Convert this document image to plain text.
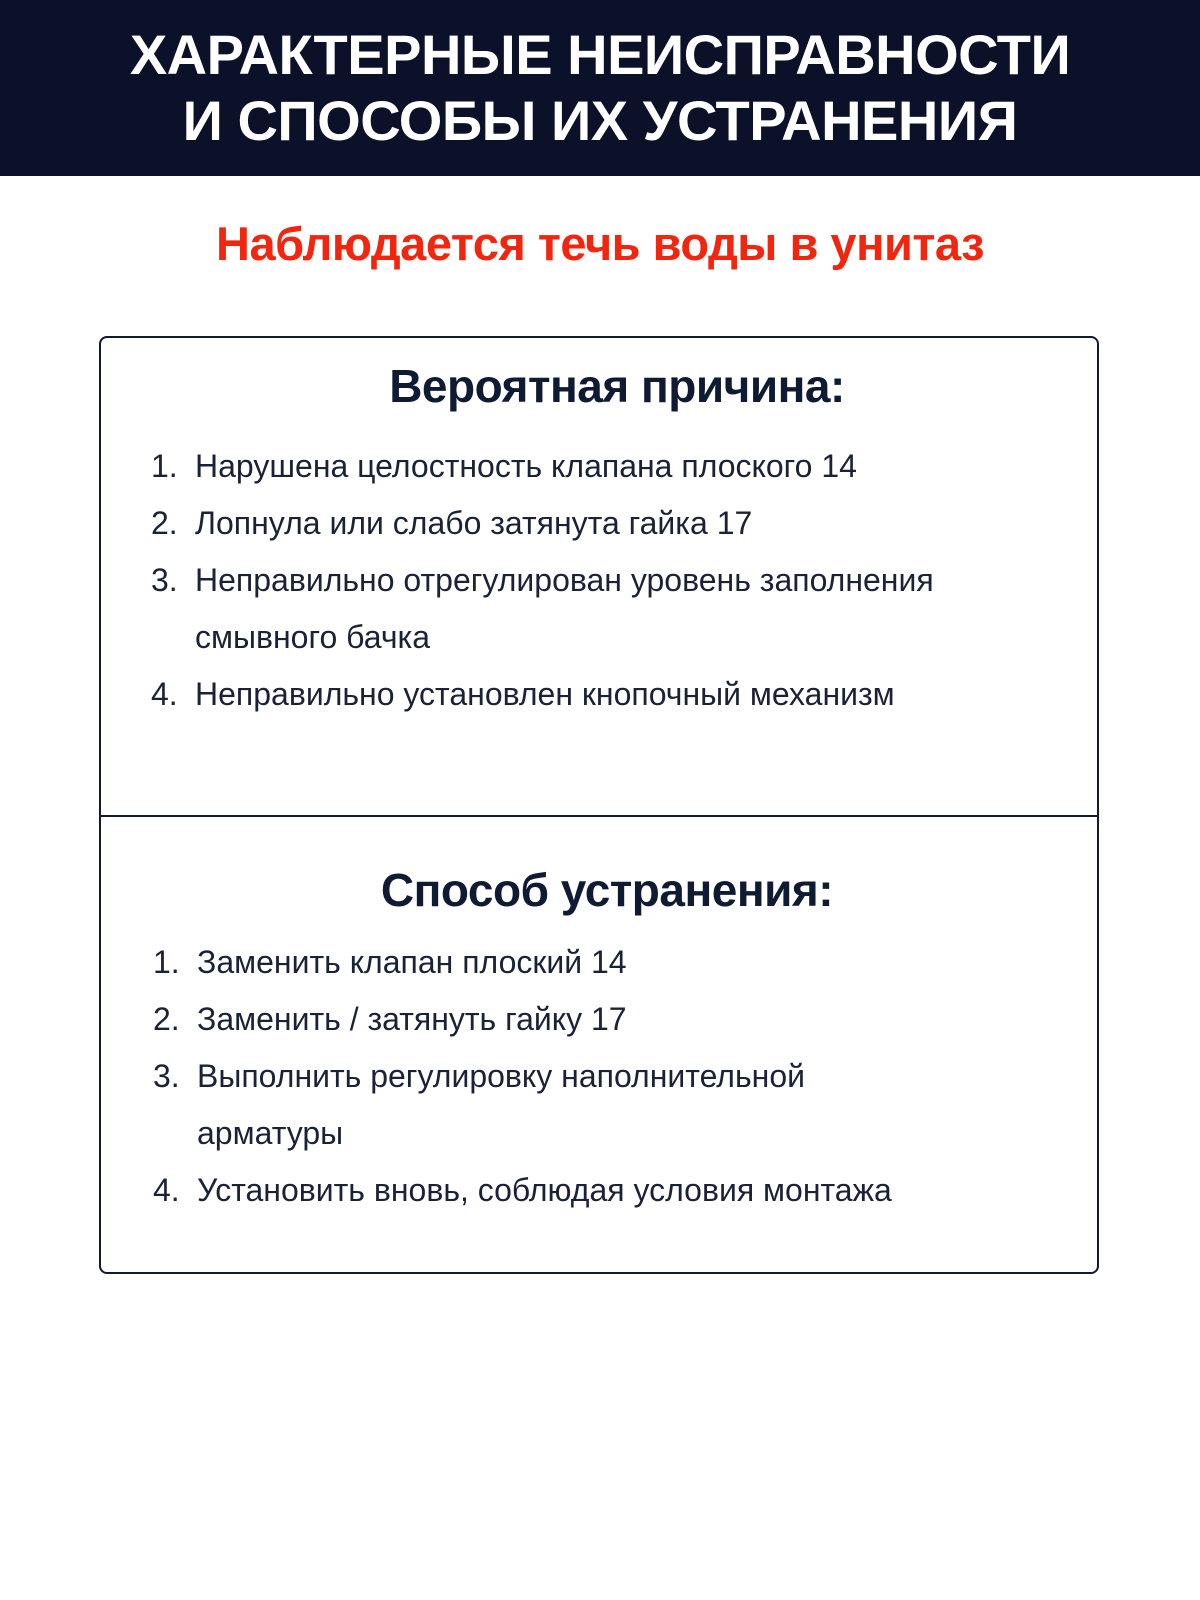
ХАРАКТЕРНЫЕ НЕИСПРАВНОСТИ
И СПОСОБЫ ИХ УСТРАНЕНИЯ
Наблюдается течь воды в унитаз
Вероятная причина:
1. Нарушена целостность клапана плоского 14
2. Лопнула или слабо затянута гайка 17
3. Неправильно отрегулирован уровень заполнения
смывного бачка
4. Неправильно установлен кнопочный механизм
Способ устранения:
1. Заменить клапан плоский 14
2. Заменить / затянуть гайку 17
3. Выполнить регулировку наполнительной
арматуры
4. Установить вновь, соблюдая условия монтажа
